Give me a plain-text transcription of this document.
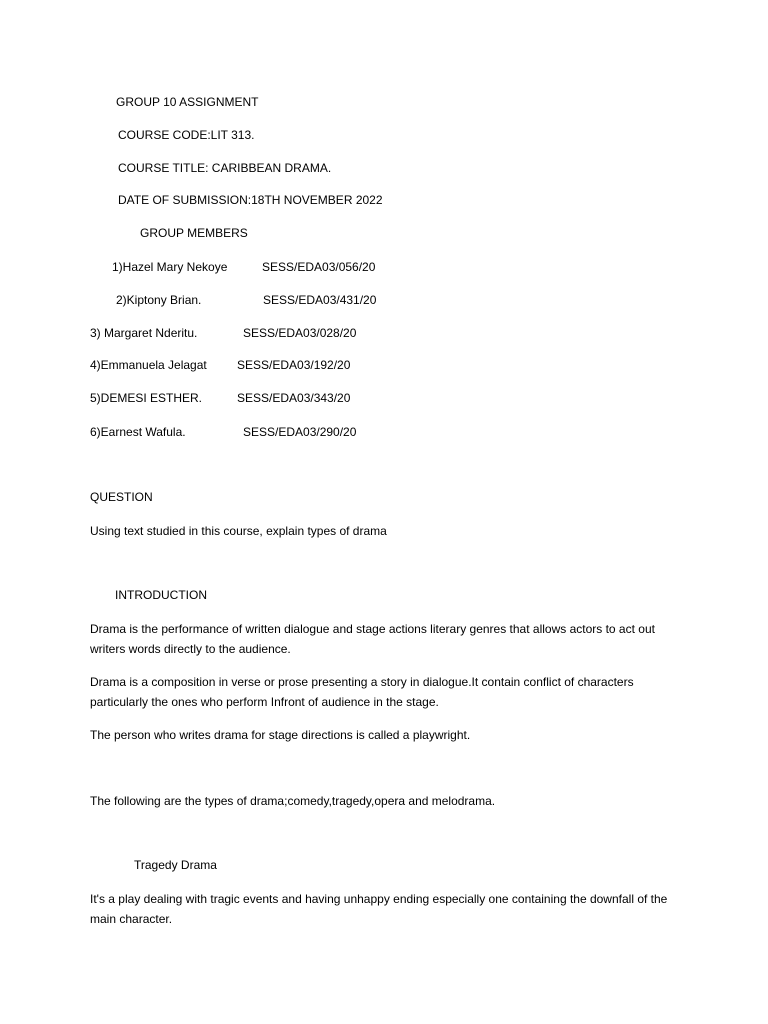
GROUP 10 ASSIGNMENT
COURSE CODE:LIT 313.
COURSE TITLE: CARIBBEAN DRAMA.
DATE OF SUBMISSION:18TH NOVEMBER 2022
GROUP MEMBERS
1)Hazel Mary Nekoye	SESS/EDA03/056/20
2)Kiptony Brian.	SESS/EDA03/431/20
3) Margaret Nderitu.	SESS/EDA03/028/20
4)Emmanuela Jelagat	SESS/EDA03/192/20
5)DEMESI ESTHER.	SESS/EDA03/343/20
6)Earnest Wafula.	SESS/EDA03/290/20
QUESTION
Using text studied in this course, explain types of drama
INTRODUCTION
Drama is the performance of written dialogue and stage actions literary genres that allows actors to act out writers words directly to the audience.
Drama is a composition in verse or prose presenting a story in dialogue.It contain conflict of characters particularly the ones who perform Infront of audience in the stage.
The person who writes drama for stage directions is called a playwright.
The following are the types of drama;comedy,tragedy,opera and melodrama.
Tragedy Drama
It's a play dealing with tragic events and having unhappy ending especially one containing the downfall of the main character.
